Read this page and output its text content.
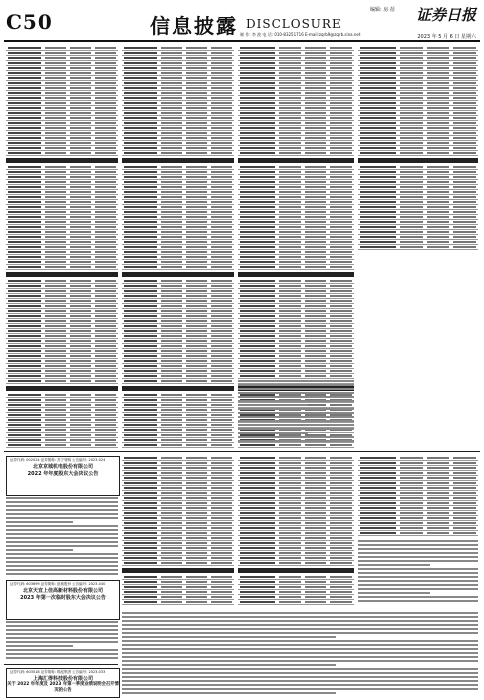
C50	信息披露 DISCLOSURE
编辑: 房 蓓 证券日报
制 作: 李 波 电 话: 010-83251716 E-mail:zqrb9@zqrb.sina.net	2023 年 5 月 6 日 星期六
证券代码: 002024 证券简称: 苏宁易购 公告编号: 2023-024
北京京城机电股份有限公司
2022 年年度股东大会决议公告
证券代码: 603699 证券简称: 纽威股份 公告编号: 2023-040
北京天宜上佳高新材料股份有限公司
2023 年第一次临时股东大会决议公告
证券代码: 603518 证券简称: 锦泓集团 公告编号: 2023-033
上海汇得科技股份有限公司
关于 2022 年年度及 2023 年第一季度业绩说明会召开情况的公告
